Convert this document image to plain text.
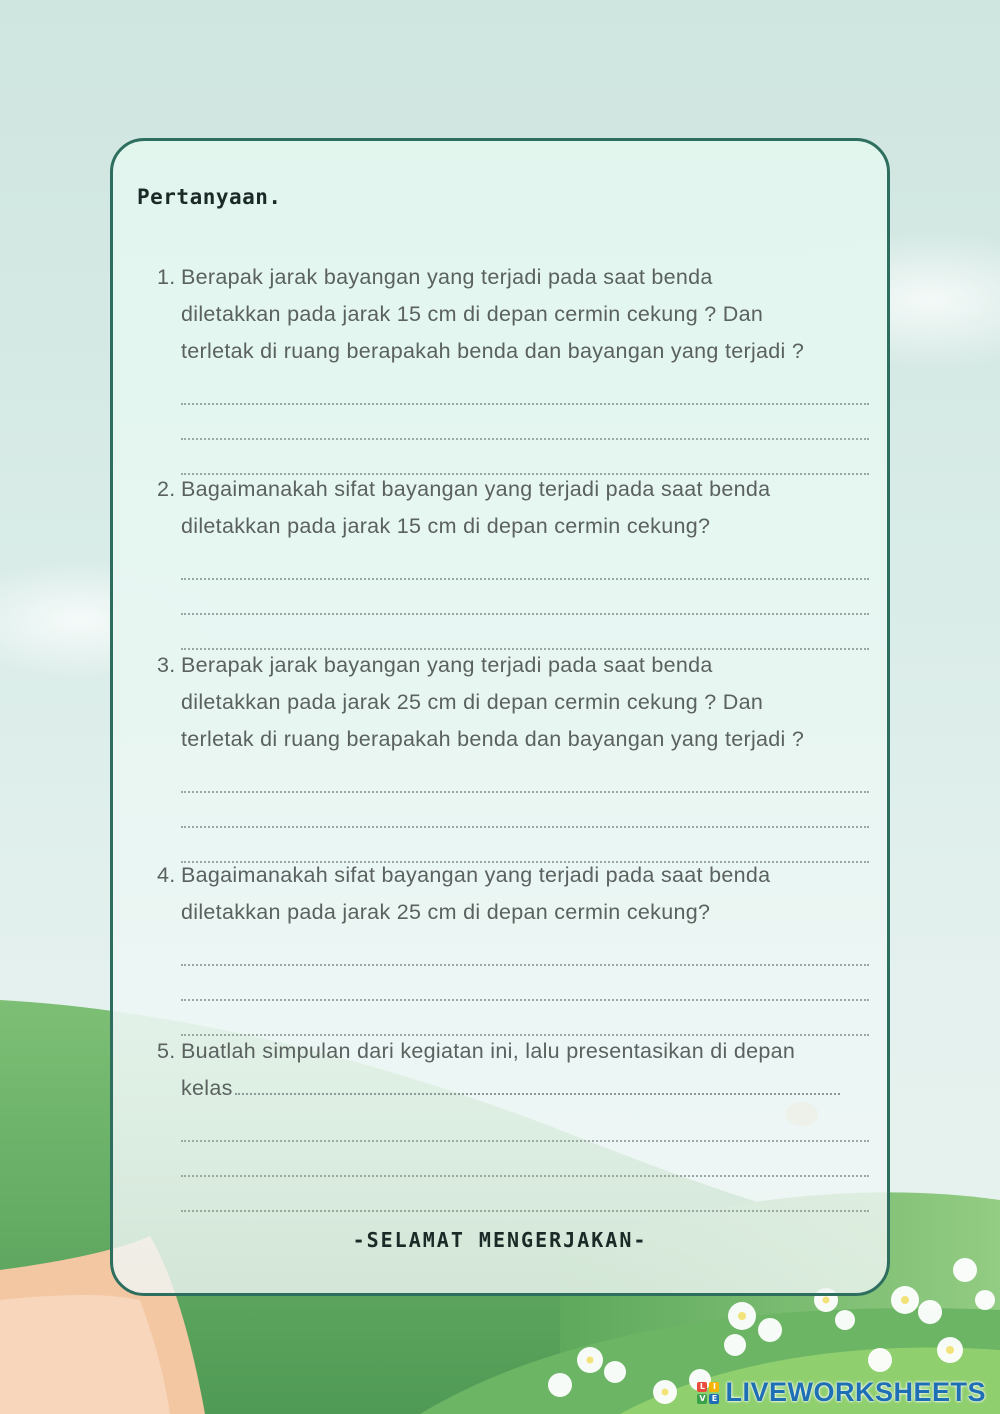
Pertanyaan.
1. Berapak jarak bayangan yang terjadi pada saat benda
diletakkan pada jarak 15 cm di depan cermin cekung ? Dan
terletak di ruang berapakah benda dan bayangan yang terjadi ?
2. Bagaimanakah sifat bayangan yang terjadi pada saat benda
diletakkan pada jarak 15 cm di depan cermin cekung?
3. Berapak jarak bayangan yang terjadi pada saat benda
diletakkan pada jarak 25 cm di depan cermin cekung ? Dan
terletak di ruang berapakah benda dan bayangan yang terjadi ?
4. Bagaimanakah sifat bayangan yang terjadi pada saat benda
diletakkan pada jarak 25 cm di depan cermin cekung?
5. Buatlah simpulan dari kegiatan ini, lalu presentasikan di depan
kelas

-SELAMAT MENGERJAKAN-

L I
V E LIVEWORKSHEETS
